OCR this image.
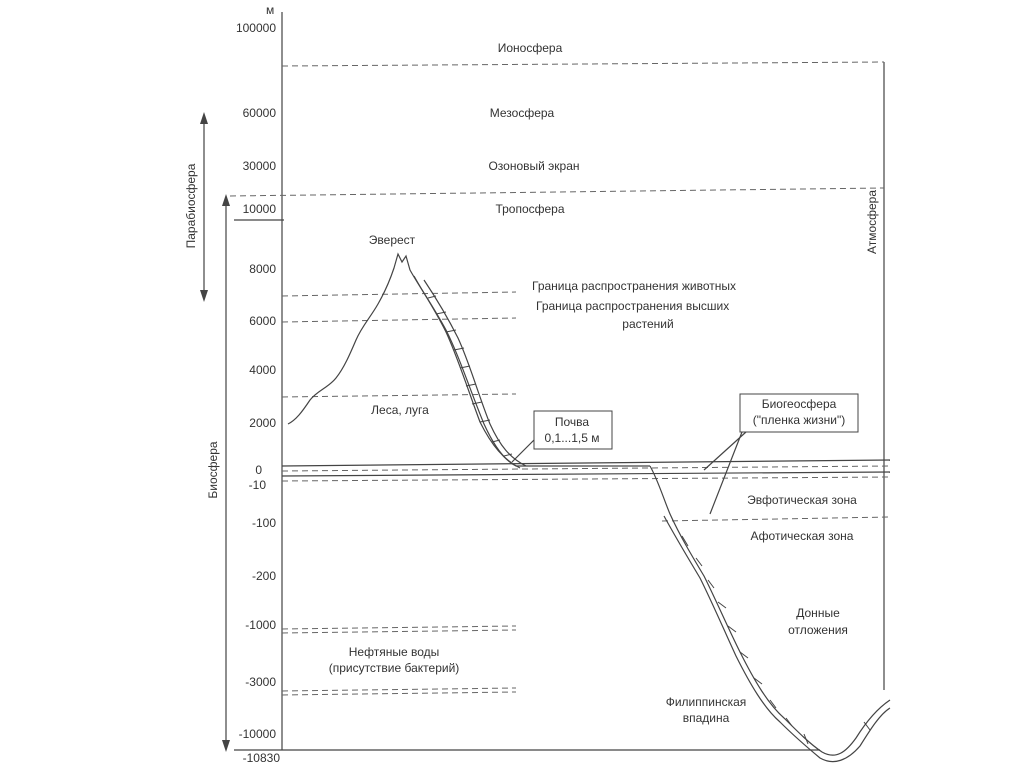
м
100000
60000
30000
10000
8000
6000
4000
2000
0
-10
-100
-200
-1000
-3000
-10000
-10830
Парабиосфера
Биосфера
Атмосфера
Ионосфера
Мезосфера
Озоновый экран
Тропосфера
Эверест
Граница распространения животных
Граница распространения высших
растений
Леса, луга
Почва
0,1...1,5 м
Биогеосфера
("пленка жизни")
Эвфотическая зона
Афотическая зона
Донные
отложения
Нефтяные воды
(присутствие бактерий)
Филиппинская
впадина
